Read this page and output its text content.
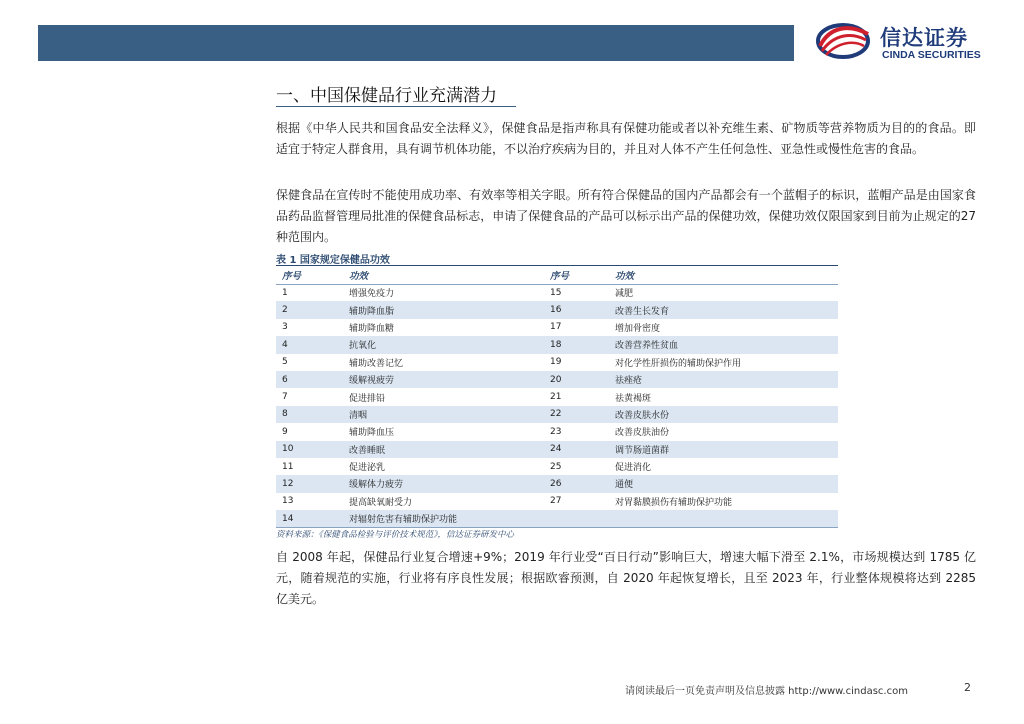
信达证券
CINDA SECURITIES
一、中国保健品行业充满潜力

根据《中华人民共和国食品安全法释义》，保健食品是指声称具有保健功能或者以补充维生素、矿物质等营养物质为目的的食品。即适宜于特定人群食用，具有调节机体功能，不以治疗疾病为目的，并且对人体不产生任何急性、亚急性或慢性危害的食品。

保健食品在宣传时不能使用成功率、有效率等相关字眼。所有符合保健品的国内产品都会有一个蓝帽子的标识，蓝帽产品是由国家食品药品监督管理局批准的保健食品标志，申请了保健食品的产品可以标示出产品的保健功效，保健功效仅限国家到目前为止规定的27种范围内。

表 1 国家规定保健品功效
序号	功效	序号	功效
1	增强免疫力	15	减肥
2	辅助降血脂	16	改善生长发育
3	辅助降血糖	17	增加骨密度
4	抗氧化	18	改善营养性贫血
5	辅助改善记忆	19	对化学性肝损伤的辅助保护作用
6	缓解视疲劳	20	祛痤疮
7	促进排铅	21	祛黄褐斑
8	清咽	22	改善皮肤水份
9	辅助降血压	23	改善皮肤油份
10	改善睡眠	24	调节肠道菌群
11	促进泌乳	25	促进消化
12	缓解体力疲劳	26	通便
13	提高缺氧耐受力	27	对胃黏膜损伤有辅助保护功能
14	对辐射危害有辅助保护功能		
资料来源：《保健食品检验与评价技术规范》，信达证券研发中心

自 2008 年起，保健品行业复合增速+9%；2019 年行业受“百日行动”影响巨大，增速大幅下滑至 2.1%，市场规模达到 1785 亿元，随着规范的实施，行业将有序良性发展；根据欧睿预测，自 2020 年起恢复增长，且至 2023 年，行业整体规模将达到 2285 亿美元。

请阅读最后一页免责声明及信息披露 http://www.cindasc.com	2
